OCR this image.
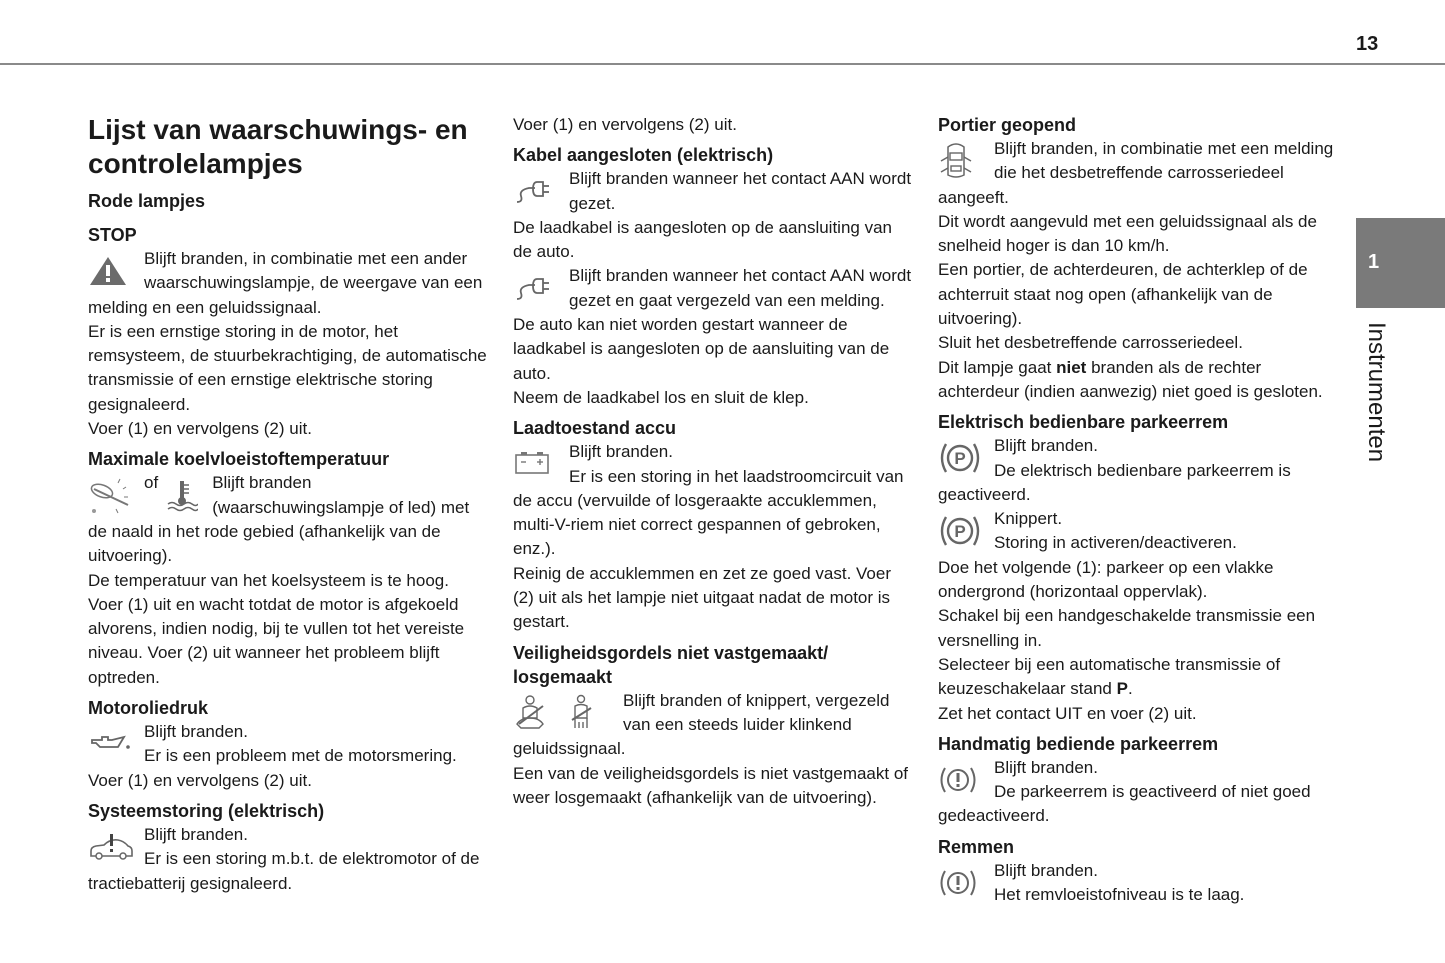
13
1
Instrumenten
Lijst van waarschuwings- en controlelampjes
Rode lampjes
STOP

Blijft branden, in combinatie met een ander waarschuwingslampje, de weergave van een melding en een geluidssignaal.

Er is een ernstige storing in de motor, het remsysteem, de stuurbekrachtiging, de automatische transmissie of een ernstige elektrische storing gesignaleerd.

Voer (1) en vervolgens (2) uit.

Maximale koelvloeistoftemperatuur
of	Blijft branden (waarschuwingslampje of led) met de naald in het rode gebied (afhankelijk van de uitvoering).

De temperatuur van het koelsysteem is te hoog.

Voer (1) uit en wacht totdat de motor is afgekoeld alvorens, indien nodig, bij te vullen tot het vereiste niveau. Voer (2) uit wanneer het probleem blijft optreden.

Motoroliedruk

Blijft branden.

Er is een probleem met de motorsmering.

Voer (1) en vervolgens (2) uit.

Systeemstoring (elektrisch)

Blijft branden.

Er is een storing m.b.t. de elektromotor of de tractiebatterij gesignaleerd.

Voer (1) en vervolgens (2) uit.

Kabel aangesloten (elektrisch)

Blijft branden wanneer het contact AAN wordt gezet.

De laadkabel is aangesloten op de aansluiting van de auto.

Blijft branden wanneer het contact AAN wordt gezet en gaat vergezeld van een melding.

De auto kan niet worden gestart wanneer de laadkabel is aangesloten op de aansluiting van de auto.

Neem de laadkabel los en sluit de klep.

Laadtoestand accu

Blijft branden.

Er is een storing in het laadstroomcircuit van de accu (vervuilde of losgeraakte accuklemmen, multi-V-riem niet correct gespannen of gebroken, enz.).

Reinig de accuklemmen en zet ze goed vast. Voer (2) uit als het lampje niet uitgaat nadat de motor is gestart.

Veiligheidsgordels niet vastgemaakt/ losgemaakt

Blijft branden of knippert, vergezeld van een steeds luider klinkend geluidssignaal.

Een van de veiligheidsgordels is niet vastgemaakt of weer losgemaakt (afhankelijk van de uitvoering).

Portier geopend

Blijft branden, in combinatie met een melding die het desbetreffende carrosseriedeel aangeeft.

Dit wordt aangevuld met een geluidssignaal als de snelheid hoger is dan 10 km/h.

Een portier, de achterdeuren, de achterklep of de achterruit staat nog open (afhankelijk van de uitvoering).

Sluit het desbetreffende carrosseriedeel.

Dit lampje gaat niet branden als de rechter achterdeur (indien aanwezig) niet goed is gesloten.

Elektrisch bedienbare parkeerrem
P

Blijft branden.

De elektrisch bedienbare parkeerrem is geactiveerd.

P

Knippert.

Storing in activeren/deactiveren.

Doe het volgende (1): parkeer op een vlakke ondergrond (horizontaal oppervlak).

Schakel bij een handgeschakelde transmissie een versnelling in.

Selecteer bij een automatische transmissie of keuzeschakelaar stand P.

Zet het contact UIT en voer (2) uit.

Handmatig bediende parkeerrem

Blijft branden.

De parkeerrem is geactiveerd of niet goed gedeactiveerd.

Remmen

Blijft branden.

Het remvloeistofniveau is te laag.
